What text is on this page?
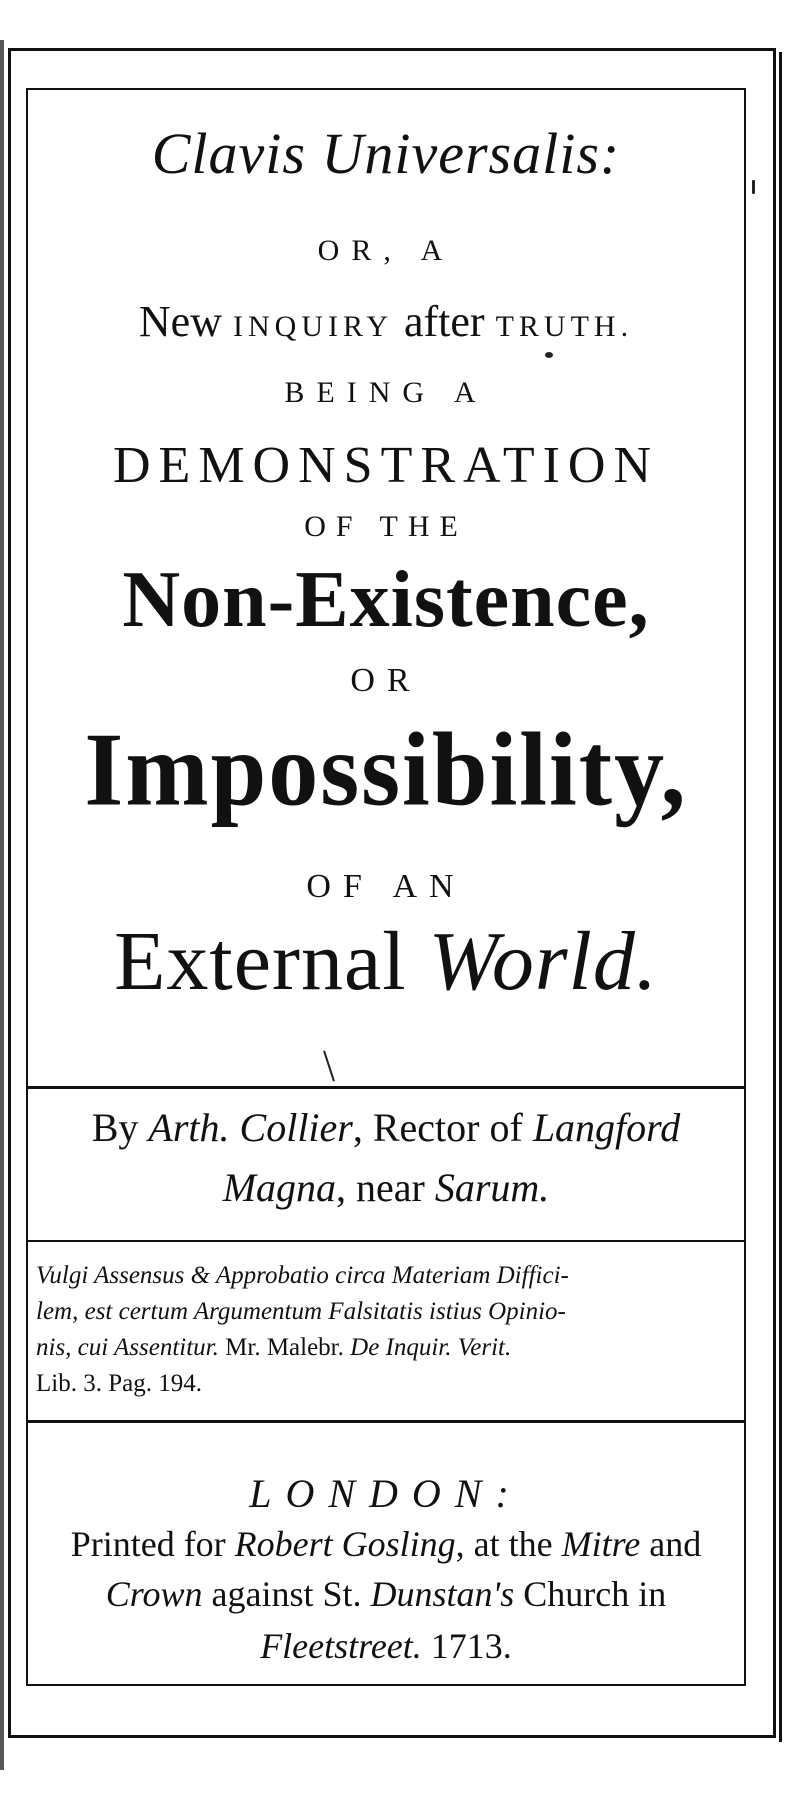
Clavis Universalis:
OR, A
New INQUIRY after TRUTH.
BEING A
DEMONSTRATION
OF THE
Non-Existence,
OR
Impossibility,
OF AN
External World.
By Arth. Collier, Rector of Langford
Magna, near Sarum.

Vulgi Assensus & Approbatio circa Materiam Diffici-

lem, est certum Argumentum Falsitatis istius Opinio-

nis, cui Assentitur. Mr. Malebr. De Inquir. Verit.

Lib. 3. Pag. 194.

LONDON:
Printed for Robert Gosling, at the Mitre and
Crown against St. Dunstan's Church in
Fleetstreet. 1713.
